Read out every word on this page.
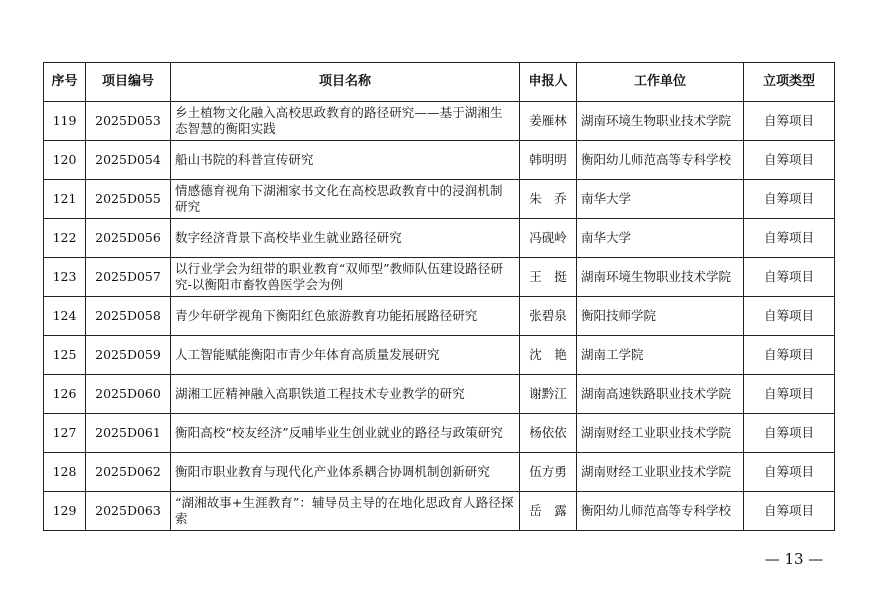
序号	项目编号	项目名称	申报人	工作单位	立项类型
119	2025D053	乡土植物文化融入高校思政教育的路径研究——基于湖湘生态智慧的衡阳实践	姜雁林	湖南环境生物职业技术学院	自筹项目
120	2025D054	船山书院的科普宣传研究	韩明明	衡阳幼儿师范高等专科学校	自筹项目
121	2025D055	情感德育视角下湖湘家书文化在高校思政教育中的浸润机制研究	朱　乔	南华大学	自筹项目
122	2025D056	数字经济背景下高校毕业生就业路径研究	冯砚岭	南华大学	自筹项目
123	2025D057	以行业学会为纽带的职业教育“双师型”教师队伍建设路径研究-以衡阳市畜牧兽医学会为例	王　挺	湖南环境生物职业技术学院	自筹项目
124	2025D058	青少年研学视角下衡阳红色旅游教育功能拓展路径研究	张碧泉	衡阳技师学院	自筹项目
125	2025D059	人工智能赋能衡阳市青少年体育高质量发展研究	沈　艳	湖南工学院	自筹项目
126	2025D060	湖湘工匠精神融入高职铁道工程技术专业教学的研究	谢黔江	湖南高速铁路职业技术学院	自筹项目
127	2025D061	衡阳高校“校友经济”反哺毕业生创业就业的路径与政策研究	杨依依	湖南财经工业职业技术学院	自筹项目
128	2025D062	衡阳市职业教育与现代化产业体系耦合协调机制创新研究	伍方勇	湖南财经工业职业技术学院	自筹项目
129	2025D063	“湖湘故事+生涯教育”：辅导员主导的在地化思政育人路径探索	岳　露	衡阳幼儿师范高等专科学校	自筹项目
— 13 —
